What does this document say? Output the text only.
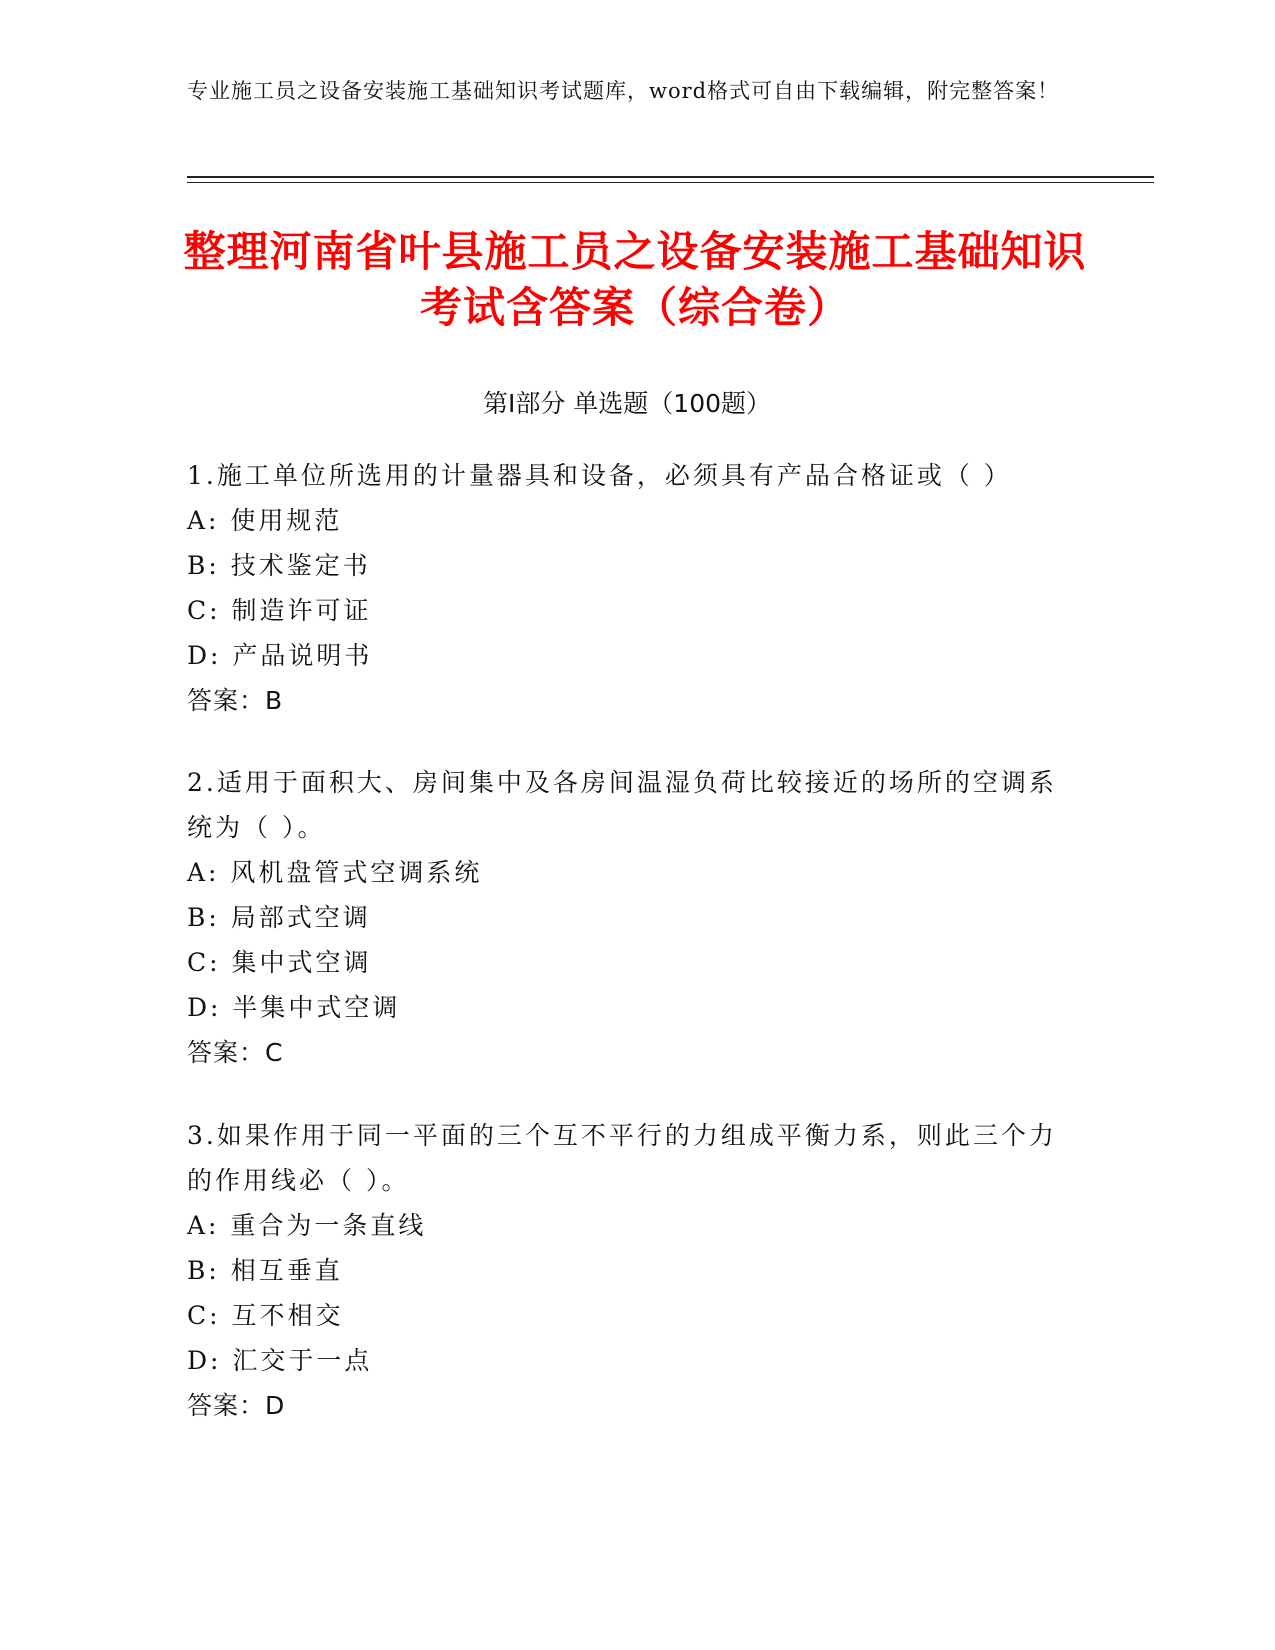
专业施工员之设备安装施工基础知识考试题库，word格式可自由下载编辑，附完整答案！
整理河南省叶县施工员之设备安装施工基础知识考试含答案（综合卷）
第Ⅰ部分 单选题（100题）
1.施工单位所选用的计量器具和设备，必须具有产品合格证或（ ）
A: 使用规范
B: 技术鉴定书
C: 制造许可证
D: 产品说明书
答案：B
2.适用于面积大、房间集中及各房间温湿负荷比较接近的场所的空调系统为（ ）。
A: 风机盘管式空调系统
B: 局部式空调
C: 集中式空调
D: 半集中式空调
答案：C
3.如果作用于同一平面的三个互不平行的力组成平衡力系，则此三个力的作用线必（ ）。
A: 重合为一条直线
B: 相互垂直
C: 互不相交
D: 汇交于一点
答案：D
